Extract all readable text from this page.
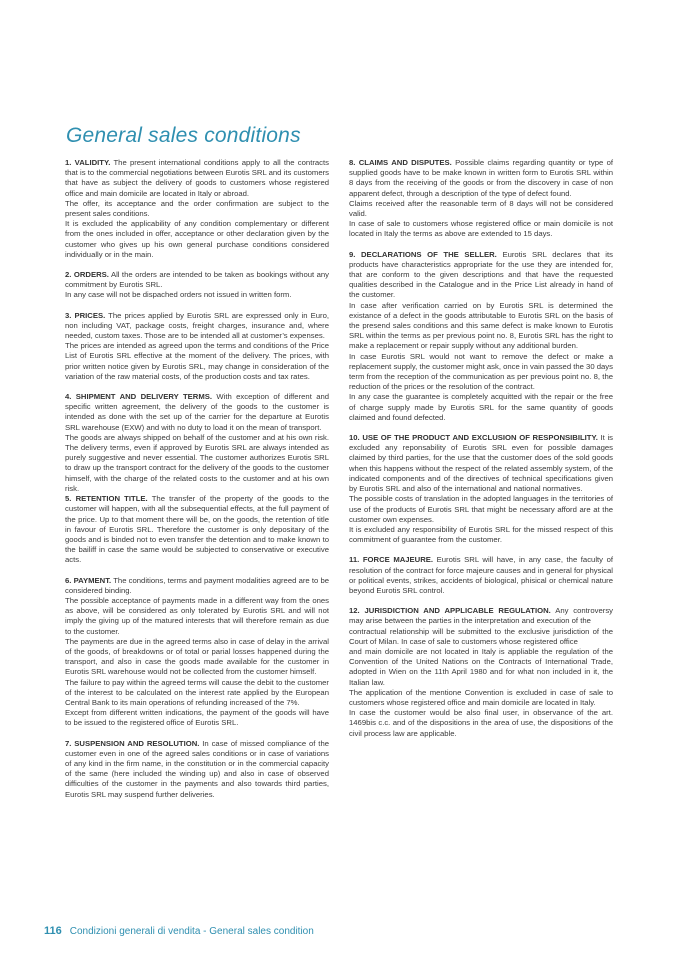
General sales conditions

1. VALIDITY. The present international conditions apply to all the contracts that is to the commercial negotiations between Eurotis SRL and its customers that have as subject the delivery of goods to customers whose registered office and main domicile are located in Italy or abroad.

The offer, its acceptance and the order confirmation are subject to the present sales conditions.

It is excluded the applicability of any condition complementary or different from the ones included in offer, acceptance or other declaration given by the customer who gives up his own general purchase conditions considered individually or in the main.

2. ORDERS. All the orders are intended to be taken as bookings without any commitment by Eurotis SRL.

In any case will not be dispached orders not issued in written form.

3. PRICES. The prices applied by Eurotis SRL are expressed only in Euro, non including VAT, package costs, freight charges, insurance and, where needed, custom taxes. Those are to be intended all at customer’s expenses.

The prices are intended as agreed upon the terms and conditions of the Price List of Eurotis SRL effective at the moment of the delivery. The prices, with prior written notice given by Eurotis SRL, may change in consideration of the variation of the raw material costs, of the production costs and tax rates.

4. SHIPMENT AND DELIVERY TERMS. With exception of different and specific written agreement, the delivery of the goods to the customer is intended as done with the set up of the carrier for the departure at Eurotis SRL warehouse (EXW) and with no duty to load it on the mean of transport.

The goods are always shipped on behalf of the customer and at his own risk. The delivery terms, even if approved by Eurotis SRL are always intended as purely suggestive and never essential. The customer authorizes Eurotis SRL to draw up the transport contract for the delivery of the goods to the customer himself, with the charge of the related costs to the customer and at his own risk.

5. RETENTION TITLE. The transfer of the property of the goods to the customer will happen, with all the subsequential effects, at the full payment of the price. Up to that moment there will be, on the goods, the retention of title in favour of Eurotis SRL. Therefore the customer is only depositary of the goods and is binded not to even transfer the detention and to make known to the bailiff in case the same would be subjected to conservative or executive acts.

6. PAYMENT. The conditions, terms and payment modalities agreed are to be considered binding.

The possible acceptance of payments made in a different way from the ones as above, will be considered as only tolerated by Eurotis SRL and will not imply the giving up of the matured interests that will therefore remain as due to the customer.

The payments are due in the agreed terms also in case of delay in the arrival of the goods, of breakdowns or of total or parial losses happened during the transport, and also in case the goods made available for the customer in Eurotis SRL warehouse would not be collected from the customer himself.

The failure to pay within the agreed terms will cause the debit to the customer of the interest to be calculated on the interest rate applied by the European Central Bank to its main operations of refunding increased of the 7%.

Except from different written indications, the payment of the goods will have to be issued to the registered office of Eurotis SRL.

7. SUSPENSION AND RESOLUTION. In case of missed compliance of the customer even in one of the agreed sales conditions or in case of variations of any kind in the firm name, in the constitution or in the commercial capacity of the same (here included the winding up) and also in case of observed difficulties of the customer in the payments and also towards third parties, Eurotis SRL may suspend further deliveries.

8. CLAIMS AND DISPUTES. Possible claims regarding quantity or type of supplied goods have to be make known in written form to Eurotis SRL within 8 days from the receiving of the goods or from the discovery in case of non apparent defect, through a description of the type of defect found.

Claims received after the reasonable term of 8 days will not be considered valid.

In case of sale to customers whose registered office or main domicile is not located in Italy the terms as above are extended to 15 days.

9. DECLARATIONS OF THE SELLER. Eurotis SRL declares that its products have characteristics appropriate for the use they are intended for, that are conform to the given descriptions and that have the requested qualities described in the Catalogue and in the Price List already in hand of the customer.

In case after verification carried on by Eurotis SRL is determined the existance of a defect in the goods attributable to Eurotis SRL on the basis of the presend sales conditions and this same defect is make known to Eurotis SRL within the terms as per previous point no. 8, Eurotis SRL has the right to make a replacement or repair supply without any additional burden.

In case Eurotis SRL would not want to remove the defect or make a replacement supply, the customer might ask, once in vain passed the 30 days term from the reception of the communication as per previous point no. 8, the reduction of the prices or the resolution of the contract.

In any case the guarantee is completely acquitted with the repair or the free of charge supply made by Eurotis SRL for the same quantity of goods claimed and found defected.

10. USE OF THE PRODUCT AND EXCLUSION OF RESPONSIBILITY. It is excluded any reponsability of Eurotis SRL even for possible damages claimed by third parties, for the use that the customer does of the sold goods when this happens without the respect of the related assembly system, of the indicated components and of the directives of technical specifications given by Eurotis SRL and also of the international and national normatives.

The possible costs of translation in the adopted languages in the territories of use of the products of Eurotis SRL that might be necessary afford are at the customer own expenses.

It is excluded any responsibility of Eurotis SRL for the missed respect of this commitment of guarantee from the customer.

11. FORCE MAJEURE. Eurotis SRL will have, in any case, the faculty of resolution of the contract for force majeure causes and in general for physical or political events, strikes, accidents of biological, phisical or chemical nature beyond Eurotis SRL control.

12. JURISDICTION AND APPLICABLE REGULATION. Any controversy may arise between the parties in the interpretation and execution of the

contractual relationship will be submitted to the exclusive jurisdiction of the Court of Milan. In case of sale to customers whose registered office

and main domicile are not located in Italy is appliable the regulation of the Convention of the United Nations on the Contracts of International Trade, adopted in Wien on the 11th April 1980 and for what non included in it, the Italian law.

The application of the mentione Convention is excluded in case of sale to customers whose registered office and main domicile are located in Italy.

In case the customer would be also final user, in observance of the art. 1469bis c.c. and of the dispositions in the area of use, the dispositions of the civil process law are applicable.

116 Condizioni generali di vendita - General sales condition
